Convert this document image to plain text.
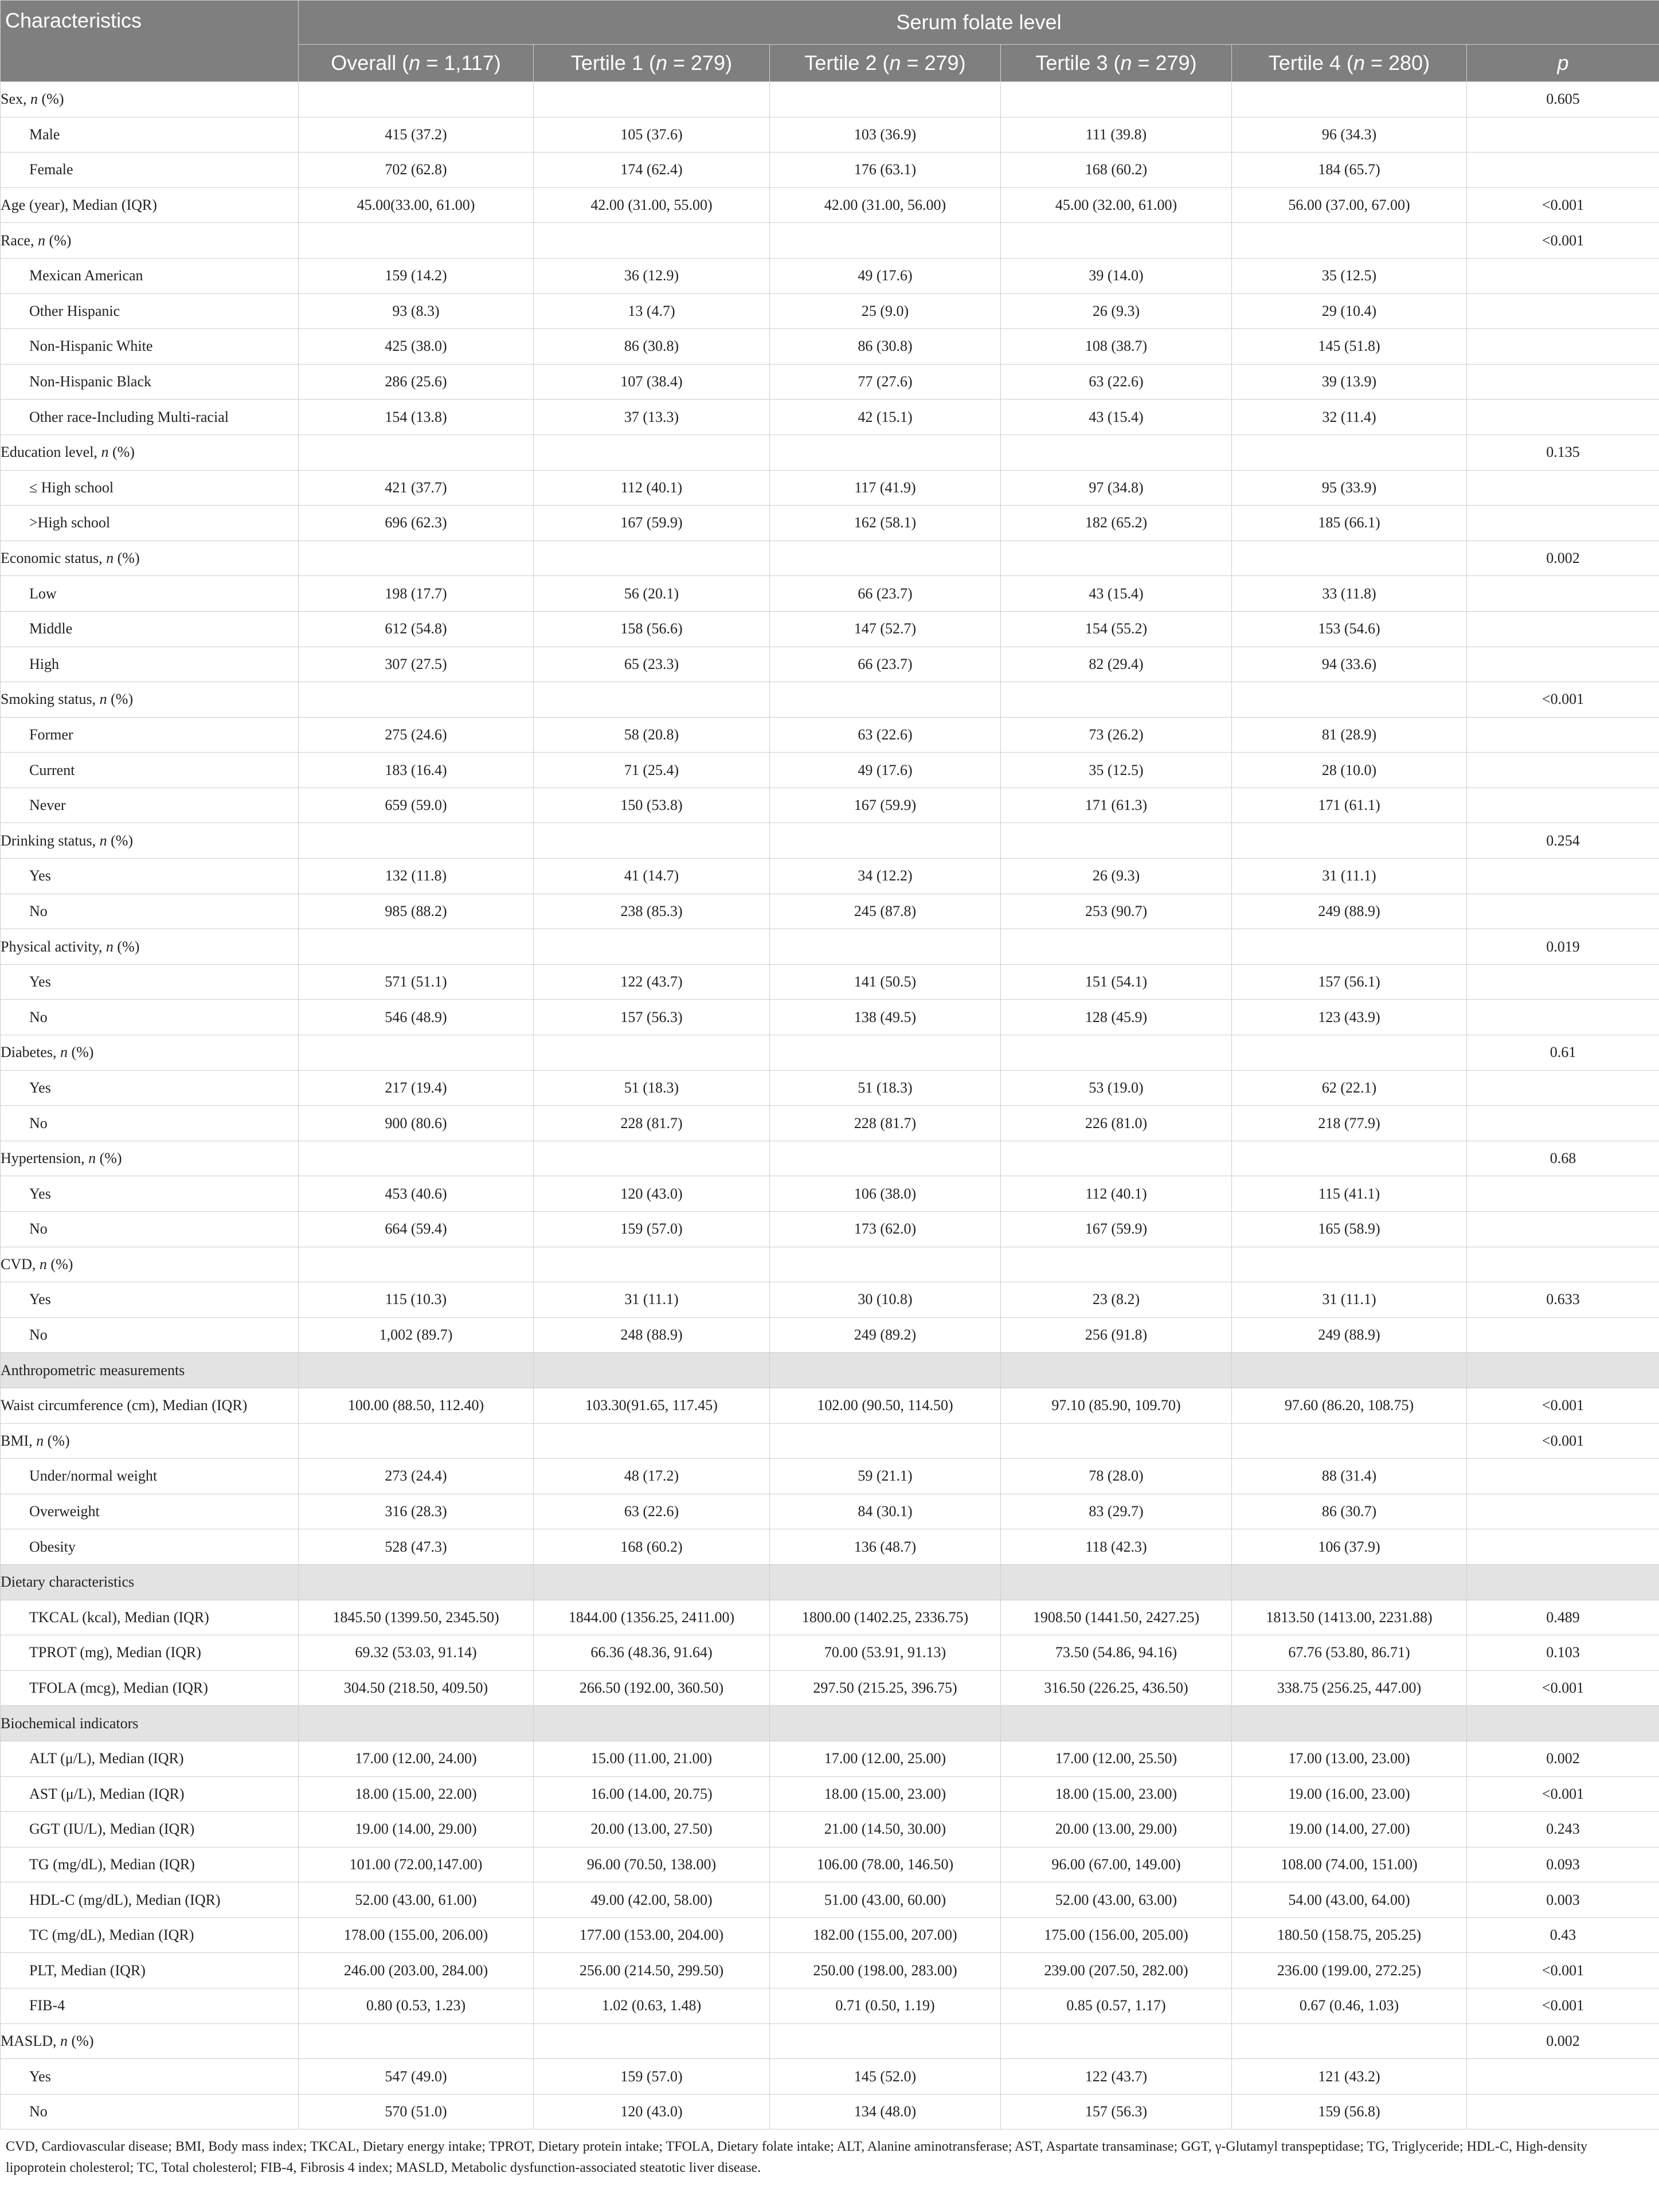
Characteristics	Serum folate level					
	Overall (n = 1,117)	Tertile 1 (n = 279)	Tertile 2 (n = 279)	Tertile 3 (n = 279)	Tertile 4 (n = 280)	p
Sex, n (%)						0.605
Male	415 (37.2)	105 (37.6)	103 (36.9)	111 (39.8)	96 (34.3)	
Female	702 (62.8)	174 (62.4)	176 (63.1)	168 (60.2)	184 (65.7)	
Age (year), Median (IQR)	45.00(33.00, 61.00)	42.00 (31.00, 55.00)	42.00 (31.00, 56.00)	45.00 (32.00, 61.00)	56.00 (37.00, 67.00)	<0.001
Race, n (%)						<0.001
Mexican American	159 (14.2)	36 (12.9)	49 (17.6)	39 (14.0)	35 (12.5)	
Other Hispanic	93 (8.3)	13 (4.7)	25 (9.0)	26 (9.3)	29 (10.4)	
Non-Hispanic White	425 (38.0)	86 (30.8)	86 (30.8)	108 (38.7)	145 (51.8)	
Non-Hispanic Black	286 (25.6)	107 (38.4)	77 (27.6)	63 (22.6)	39 (13.9)	
Other race-Including Multi-racial	154 (13.8)	37 (13.3)	42 (15.1)	43 (15.4)	32 (11.4)	
Education level, n (%)						0.135
≤ High school	421 (37.7)	112 (40.1)	117 (41.9)	97 (34.8)	95 (33.9)	
>High school	696 (62.3)	167 (59.9)	162 (58.1)	182 (65.2)	185 (66.1)	
Economic status, n (%)						0.002
Low	198 (17.7)	56 (20.1)	66 (23.7)	43 (15.4)	33 (11.8)	
Middle	612 (54.8)	158 (56.6)	147 (52.7)	154 (55.2)	153 (54.6)	
High	307 (27.5)	65 (23.3)	66 (23.7)	82 (29.4)	94 (33.6)	
Smoking status, n (%)						<0.001
Former	275 (24.6)	58 (20.8)	63 (22.6)	73 (26.2)	81 (28.9)	
Current	183 (16.4)	71 (25.4)	49 (17.6)	35 (12.5)	28 (10.0)	
Never	659 (59.0)	150 (53.8)	167 (59.9)	171 (61.3)	171 (61.1)	
Drinking status, n (%)						0.254
Yes	132 (11.8)	41 (14.7)	34 (12.2)	26 (9.3)	31 (11.1)	
No	985 (88.2)	238 (85.3)	245 (87.8)	253 (90.7)	249 (88.9)	
Physical activity, n (%)						0.019
Yes	571 (51.1)	122 (43.7)	141 (50.5)	151 (54.1)	157 (56.1)	
No	546 (48.9)	157 (56.3)	138 (49.5)	128 (45.9)	123 (43.9)	
Diabetes, n (%)						0.61
Yes	217 (19.4)	51 (18.3)	51 (18.3)	53 (19.0)	62 (22.1)	
No	900 (80.6)	228 (81.7)	228 (81.7)	226 (81.0)	218 (77.9)	
Hypertension, n (%)						0.68
Yes	453 (40.6)	120 (43.0)	106 (38.0)	112 (40.1)	115 (41.1)	
No	664 (59.4)	159 (57.0)	173 (62.0)	167 (59.9)	165 (58.9)	
CVD, n (%)						
Yes	115 (10.3)	31 (11.1)	30 (10.8)	23 (8.2)	31 (11.1)	0.633
No	1,002 (89.7)	248 (88.9)	249 (89.2)	256 (91.8)	249 (88.9)	
Anthropometric measurements						
Waist circumference (cm), Median (IQR)	100.00 (88.50, 112.40)	103.30(91.65, 117.45)	102.00 (90.50, 114.50)	97.10 (85.90, 109.70)	97.60 (86.20, 108.75)	<0.001
BMI, n (%)						<0.001
Under/normal weight	273 (24.4)	48 (17.2)	59 (21.1)	78 (28.0)	88 (31.4)	
Overweight	316 (28.3)	63 (22.6)	84 (30.1)	83 (29.7)	86 (30.7)	
Obesity	528 (47.3)	168 (60.2)	136 (48.7)	118 (42.3)	106 (37.9)	
Dietary characteristics						
TKCAL (kcal), Median (IQR)	1845.50 (1399.50, 2345.50)	1844.00 (1356.25, 2411.00)	1800.00 (1402.25, 2336.75)	1908.50 (1441.50, 2427.25)	1813.50 (1413.00, 2231.88)	0.489
TPROT (mg), Median (IQR)	69.32 (53.03, 91.14)	66.36 (48.36, 91.64)	70.00 (53.91, 91.13)	73.50 (54.86, 94.16)	67.76 (53.80, 86.71)	0.103
TFOLA (mcg), Median (IQR)	304.50 (218.50, 409.50)	266.50 (192.00, 360.50)	297.50 (215.25, 396.75)	316.50 (226.25, 436.50)	338.75 (256.25, 447.00)	<0.001
Biochemical indicators						
ALT (μ/L), Median (IQR)	17.00 (12.00, 24.00)	15.00 (11.00, 21.00)	17.00 (12.00, 25.00)	17.00 (12.00, 25.50)	17.00 (13.00, 23.00)	0.002
AST (μ/L), Median (IQR)	18.00 (15.00, 22.00)	16.00 (14.00, 20.75)	18.00 (15.00, 23.00)	18.00 (15.00, 23.00)	19.00 (16.00, 23.00)	<0.001
GGT (IU/L), Median (IQR)	19.00 (14.00, 29.00)	20.00 (13.00, 27.50)	21.00 (14.50, 30.00)	20.00 (13.00, 29.00)	19.00 (14.00, 27.00)	0.243
TG (mg/dL), Median (IQR)	101.00 (72.00,147.00)	96.00 (70.50, 138.00)	106.00 (78.00, 146.50)	96.00 (67.00, 149.00)	108.00 (74.00, 151.00)	0.093
HDL-C (mg/dL), Median (IQR)	52.00 (43.00, 61.00)	49.00 (42.00, 58.00)	51.00 (43.00, 60.00)	52.00 (43.00, 63.00)	54.00 (43.00, 64.00)	0.003
TC (mg/dL), Median (IQR)	178.00 (155.00, 206.00)	177.00 (153.00, 204.00)	182.00 (155.00, 207.00)	175.00 (156.00, 205.00)	180.50 (158.75, 205.25)	0.43
PLT, Median (IQR)	246.00 (203.00, 284.00)	256.00 (214.50, 299.50)	250.00 (198.00, 283.00)	239.00 (207.50, 282.00)	236.00 (199.00, 272.25)	<0.001
FIB-4	0.80 (0.53, 1.23)	1.02 (0.63, 1.48)	0.71 (0.50, 1.19)	0.85 (0.57, 1.17)	0.67 (0.46, 1.03)	<0.001
MASLD, n (%)						0.002
Yes	547 (49.0)	159 (57.0)	145 (52.0)	122 (43.7)	121 (43.2)	
No	570 (51.0)	120 (43.0)	134 (48.0)	157 (56.3)	159 (56.8)	
CVD, Cardiovascular disease; BMI, Body mass index; TKCAL, Dietary energy intake; TPROT, Dietary protein intake; TFOLA, Dietary folate intake; ALT, Alanine aminotransferase; AST, Aspartate transaminase; GGT, γ-Glutamyl transpeptidase; TG, Triglyceride; HDL-C, High-density lipoprotein cholesterol; TC, Total cholesterol; FIB-4, Fibrosis 4 index; MASLD, Metabolic dysfunction-associated steatotic liver disease.
